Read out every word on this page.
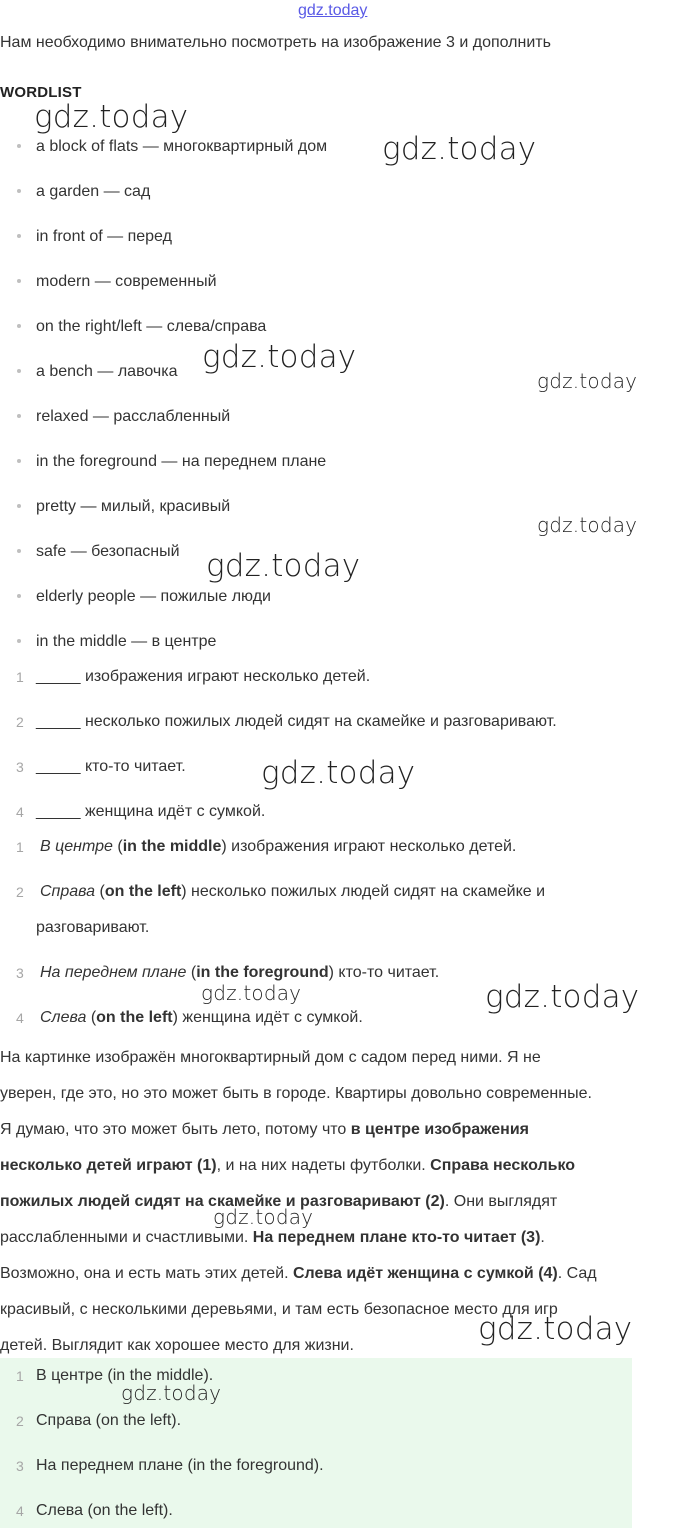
gdz.today
Нам необходимо внимательно посмотреть на изображение 3 и дополнить
WORDLIST
a block of flats — многоквартирный дом
a garden — сад
in front of — перед
modern — современный
on the right/left — слева/справа
a bench — лавочка
relaxed — расслабленный
in the foreground — на переднем плане
pretty — милый, красивый
safe — безопасный
elderly people — пожилые люди
in the middle — в центре
1 _____ изображения играют несколько детей.
2 _____ несколько пожилых людей сидят на скамейке и разговаривают.
3 _____ кто-то читает.
4 _____ женщина идёт с сумкой.
1 В центре (in the middle) изображения играют несколько детей.
2 Справа (on the left) несколько пожилых людей сидят на скамейке и
разговаривают.
3 На переднем плане (in the foreground) кто-то читает.
4 Слева (on the left) женщина идёт с сумкой.
На картинке изображён многоквартирный дом с садом перед ними. Я не
уверен, где это, но это может быть в городе. Квартиры довольно современные.
Я думаю, что это может быть лето, потому что в центре изображения
несколько детей играют (1), и на них надеты футболки. Справа несколько
пожилых людей сидят на скамейке и разговаривают (2). Они выглядят
расслабленными и счастливыми. На переднем плане кто-то читает (3).
Возможно, она и есть мать этих детей. Слева идёт женщина с сумкой (4). Сад
красивый, с несколькими деревьями, и там есть безопасное место для игр
детей. Выглядит как хорошее место для жизни.
1 В центре (in the middle).
2 Справа (on the left).
3 На переднем плане (in the foreground).
4 Слева (on the left).
gdz.today
gdz.today
gdz.today
gdz.today
gdz.today
gdz.today
gdz.today
gdz.today	gdz.today
gdz.today
gdz.today
gdz.today
